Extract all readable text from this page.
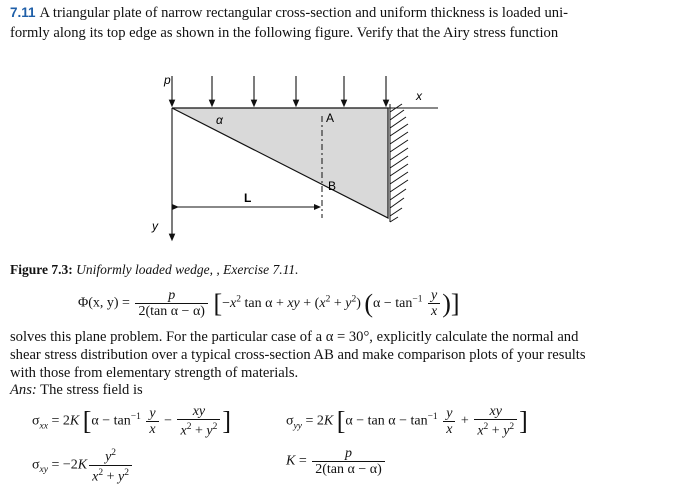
7.11 A triangular plate of narrow rectangular cross-section and uniform thickness is loaded uni-
formly along its top edge as shown in the following figure. Verify that the Airy stress function
p
x
y
α	A
B
L
Figure 7.3: Uniformly loaded wedge, , Exercise 7.11.
Φ(x, $y) = \frac{p}{\text{2(tan α − α)}} [-x^2$ tan α + xy + $(x^2 + y^2) (\alpha - \tan^{-1} \frac{y}{x}$ )]
solves this plane problem. For the particular case of a α = 30°, explicitly calculate the normal and
shear stress distribution over a typical cross-section AB and make comparison plots of your results
with those from elementary strength of materials.
Ans: The stress field is
$\sigma_{xx} = 2K$ [$\alpha - \tan^{-1} \frac{y}{x} - \frac{xy}{x^2 + y^2}$ ]	$\sigma_{yy} = 2K$ [$\alpha - \tan \alpha - \tan^{-1} \frac{y}{x} + \frac{xy}{x^2 + y^2}$ ]
$\sigma_{xy} = -2K \frac{y^2}{x^2 + y^2}$	$K = \frac{p}{\text{2(tan α − α)}}$
